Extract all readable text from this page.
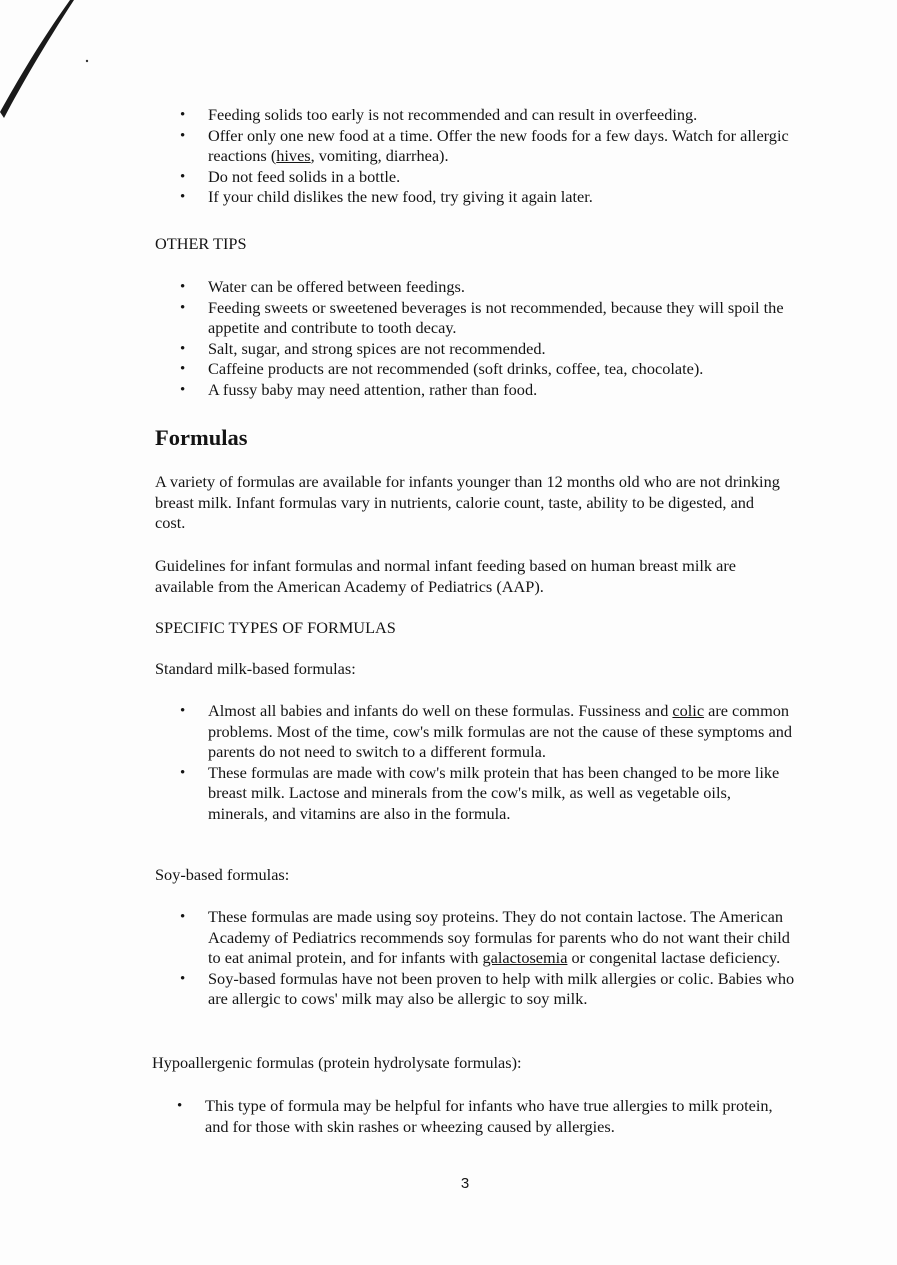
• Feeding solids too early is not recommended and can result in overfeeding.
• Offer only one new food at a time. Offer the new foods for a few days. Watch for allergic reactions (hives, vomiting, diarrhea).
• Do not feed solids in a bottle.
• If your child dislikes the new food, try giving it again later.

OTHER TIPS

• Water can be offered between feedings.
• Feeding sweets or sweetened beverages is not recommended, because they will spoil the appetite and contribute to tooth decay.
• Salt, sugar, and strong spices are not recommended.
• Caffeine products are not recommended (soft drinks, coffee, tea, chocolate).
• A fussy baby may need attention, rather than food.
Formulas

A variety of formulas are available for infants younger than 12 months old who are not drinking breast milk. Infant formulas vary in nutrients, calorie count, taste, ability to be digested, and cost.

Guidelines for infant formulas and normal infant feeding based on human breast milk are available from the American Academy of Pediatrics (AAP).

SPECIFIC TYPES OF FORMULAS

Standard milk-based formulas:

• Almost all babies and infants do well on these formulas. Fussiness and colic are common problems. Most of the time, cow's milk formulas are not the cause of these symptoms and parents do not need to switch to a different formula.
• These formulas are made with cow's milk protein that has been changed to be more like breast milk. Lactose and minerals from the cow's milk, as well as vegetable oils, minerals, and vitamins are also in the formula.

Soy-based formulas:

• These formulas are made using soy proteins. They do not contain lactose. The American Academy of Pediatrics recommends soy formulas for parents who do not want their child to eat animal protein, and for infants with galactosemia or congenital lactase deficiency.
• Soy-based formulas have not been proven to help with milk allergies or colic. Babies who are allergic to cows' milk may also be allergic to soy milk.

Hypoallergenic formulas (protein hydrolysate formulas):

• This type of formula may be helpful for infants who have true allergies to milk protein, and for those with skin rashes or wheezing caused by allergies.
3
